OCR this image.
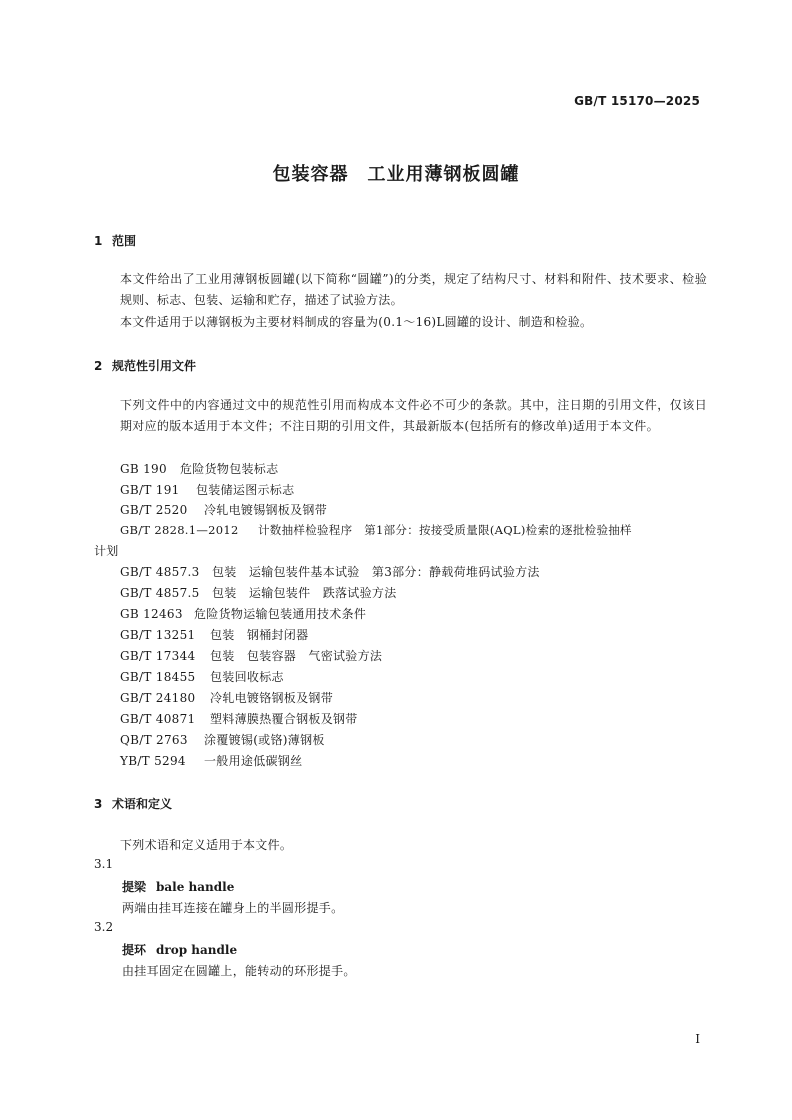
GB/T 15170—2025
包装容器　工业用薄钢板圆罐
1 范围
本文件给出了工业用薄钢板圆罐(以下简称“圆罐”)的分类，规定了结构尺寸、材料和附件、技术要求、检验规则、标志、包装、运输和贮存，描述了试验方法。
本文件适用于以薄钢板为主要材料制成的容量为(0.1～16)L圆罐的设计、制造和检验。
2 规范性引用文件
下列文件中的内容通过文中的规范性引用而构成本文件必不可少的条款。其中，注日期的引用文件，仅该日期对应的版本适用于本文件；不注日期的引用文件，其最新版本(包括所有的修改单)适用于本文件。
GB 190 危险货物包装标志
GB/T 191 包装储运图示标志
GB/T 2520 冷轧电镀锡钢板及钢带
GB/T 2828.1—2012 计数抽样检验程序　第1部分：按接受质量限(AQL)检索的逐批检验抽样
计划
GB/T 4857.3 包装　运输包装件基本试验　第3部分：静载荷堆码试验方法
GB/T 4857.5 包装　运输包装件　跌落试验方法
GB 12463 危险货物运输包装通用技术条件
GB/T 13251 包装　钢桶封闭器
GB/T 17344 包装　包装容器　气密试验方法
GB/T 18455 包装回收标志
GB/T 24180 冷轧电镀铬钢板及钢带
GB/T 40871 塑料薄膜热覆合钢板及钢带
QB/T 2763 涂覆镀锡(或铬)薄钢板
YB/T 5294 一般用途低碳钢丝
3 术语和定义
下列术语和定义适用于本文件。
3.1
提梁 bale handle
两端由挂耳连接在罐身上的半圆形提手。
3.2
提环 drop handle
由挂耳固定在圆罐上，能转动的环形提手。
I
